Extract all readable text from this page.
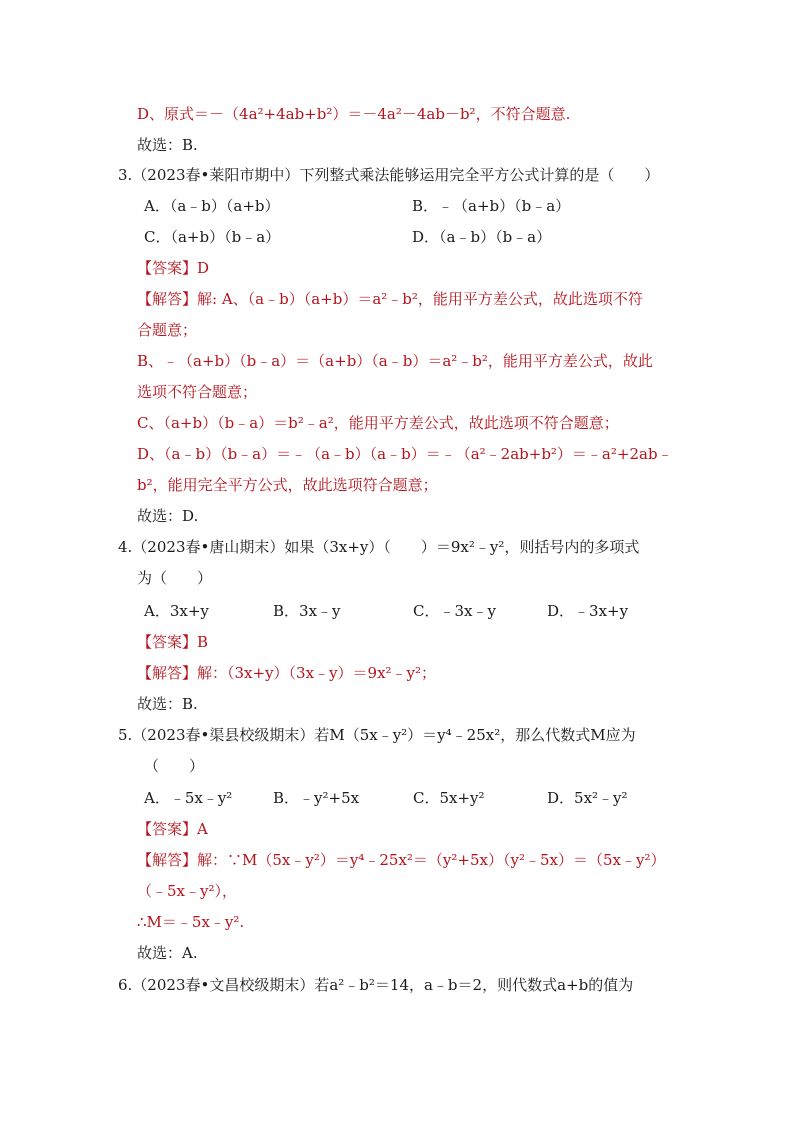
D、原式＝－（4a²+4ab+b²）＝－4a²－4ab－b²，不符合题意.
故选：B.
3.（2023春•莱阳市期中）下列整式乘法能够运用完全平方公式计算的是（　　）
A．（a﹣b）（a+b）	B．﹣（a+b）（b﹣a）
C．（a+b）（b﹣a）	D．（a﹣b）（b﹣a）
【答案】D
【解答】解: A、（a﹣b）（a+b）＝a²﹣b²，能用平方差公式，故此选项不符
合题意；
B、﹣（a+b）（b﹣a）＝（a+b）（a﹣b）＝a²﹣b²，能用平方差公式，故此
选项不符合题意；
C、（a+b）（b﹣a）＝b²﹣a²，能用平方差公式，故此选项不符合题意；
D、（a﹣b）（b﹣a）＝﹣（a﹣b）（a﹣b）＝﹣（a²﹣2ab+b²）＝﹣a²+2ab﹣
b²，能用完全平方公式，故此选项符合题意；
故选：D.
4.（2023春•唐山期末）如果（3x+y）（　　）＝9x²﹣y²，则括号内的多项式
为（　　）
A．3x+y	B．3x﹣y	C．﹣3x﹣y	D．﹣3x+y
【答案】B
【解答】解：（3x+y）（3x﹣y）＝9x²﹣y²；
故选：B.
5.（2023春•渠县校级期末）若M（5x﹣y²）＝y⁴﹣25x²，那么代数式M应为
（　　）
A．﹣5x﹣y²	B．﹣y²+5x	C．5x+y²	D．5x²﹣y²
【答案】A
【解答】解：∵M（5x﹣y²）＝y⁴﹣25x²＝（y²+5x）（y²﹣5x）＝（5x﹣y²）
（﹣5x﹣y²），
∴M＝﹣5x﹣y².
故选：A.
6.（2023春•文昌校级期末）若a²﹣b²＝14，a﹣b＝2，则代数式a+b的值为
